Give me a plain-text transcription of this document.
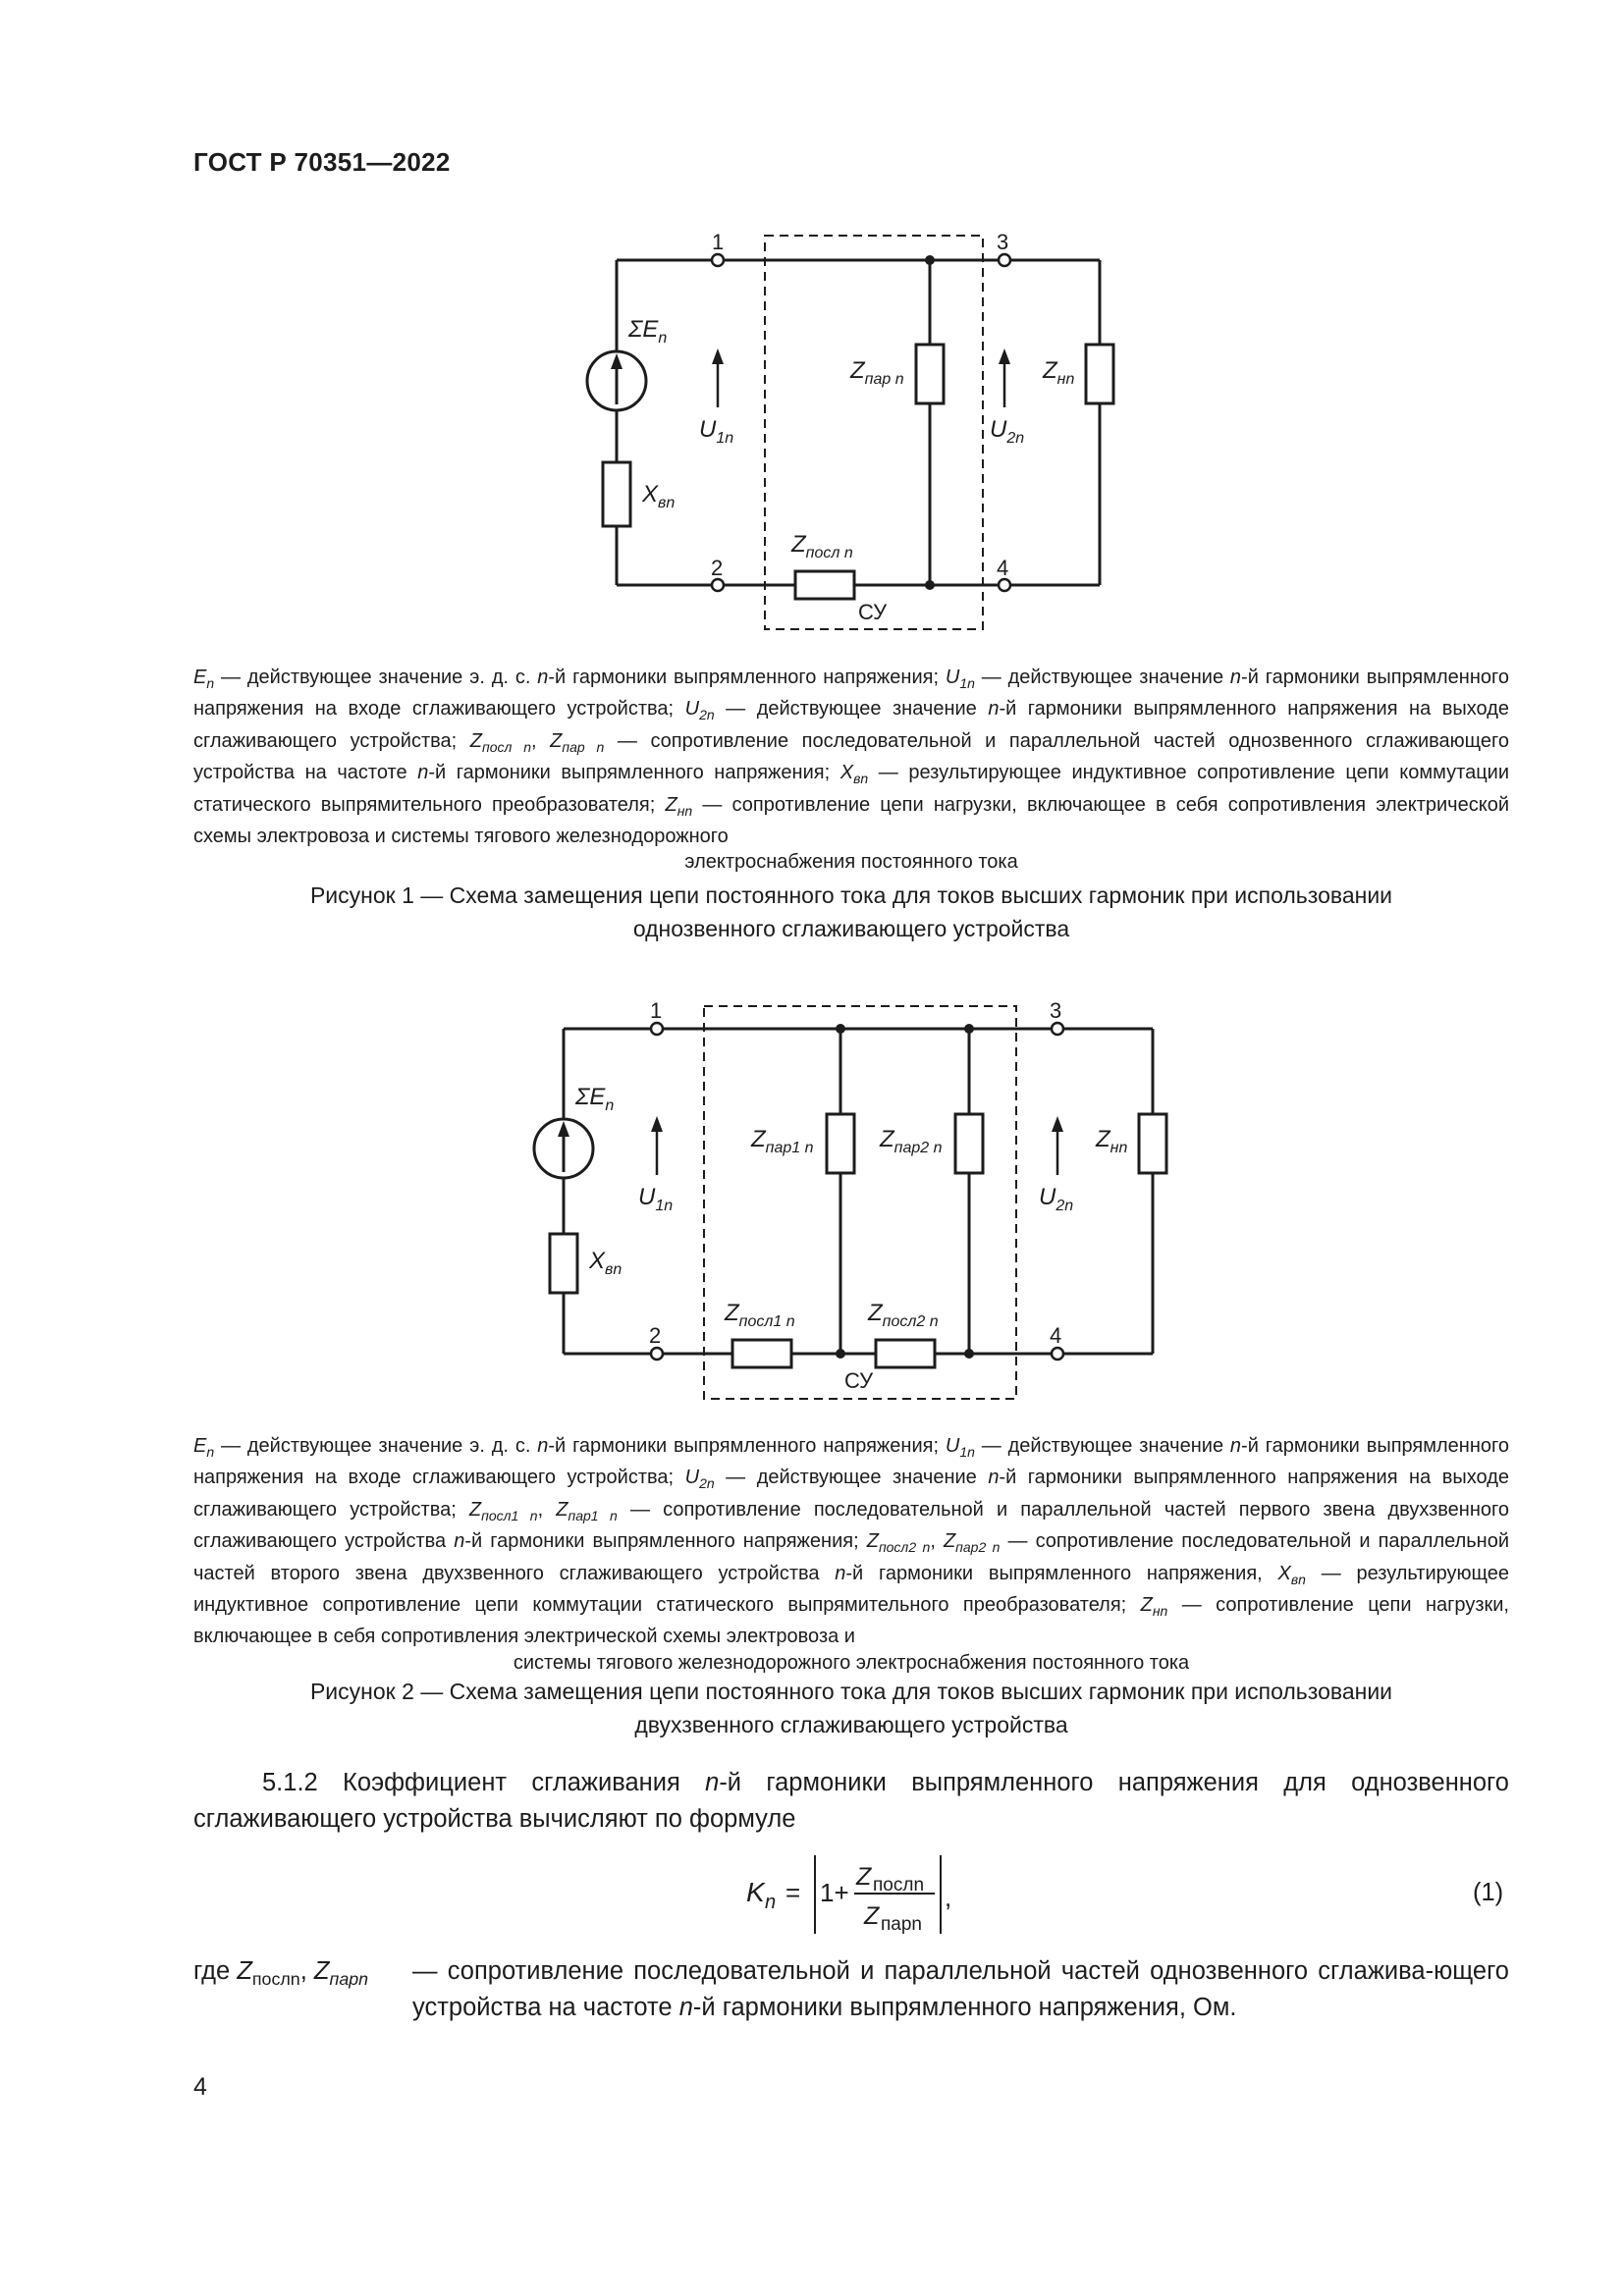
ГОСТ Р 70351—2022
1
2
3
4
$\Sigma E_n$
$U_{1n}$	$U_{2n}$
$X_{вn}$
$Z_{пар n}$	$Z_{нn}$
$Z_{посл n}$
СУ
$E_n$ — действующее значение э. д. с. n-й гармоники выпрямленного напряжения; $U_{1n}$ — действующее значение n-й гармоники выпрямленного напряжения на входе сглаживающего устройства; $U_{2n}$ — действующее значение n-й гармоники выпрямленного напряжения на выходе сглаживающего устройства; $Z_{посл n}$, $Z_{пар n}$ — сопротивление последовательной и параллельной частей однозвенного сглаживающего устройства на частоте n-й гармоники выпрямленного напряжения; $X_{вn}$ — результирующее индуктивное сопротивление цепи коммутации статического выпрямительного преобразователя; $Z_{нn}$ — сопротивление цепи нагрузки, включающее в себя сопротивления электрической схемы электровоза и системы тягового железнодорожного
электроснабжения постоянного тока
Рисунок 1 — Схема замещения цепи постоянного тока для токов высших гармоник при использовании
однозвенного сглаживающего устройства
1
2
3
4
$\Sigma E_n$
$U_{1n}$	$U_{2n}$
$X_{вn}$
$Z_{пар1 n}$	$Z_{пар2 n}$	$Z_{нn}$
$Z_{посл1 n}$	$Z_{посл2 n}$
СУ
$E_n$ — действующее значение э. д. с. n-й гармоники выпрямленного напряжения; $U_{1n}$ — действующее значение n-й гармоники выпрямленного напряжения на входе сглаживающего устройства; $U_{2n}$ — действующее значение n-й гармоники выпрямленного напряжения на выходе сглаживающего устройства; $Z_{посл1 n}$, $Z_{пар1 n}$ — сопротивление последовательной и параллельной частей первого звена двухзвенного сглаживающего устройства n-й гармоники выпрямленного напряжения; $Z_{посл2 n}$, $Z_{пар2 n}$ — сопротивление последовательной и параллельной частей второго звена двухзвенного сглаживающего устройства n-й гармоники выпрямленного напряжения, $X_{вn}$ — результирующее индуктивное сопротивление цепи коммутации статического выпрямительного преобразователя; $Z_{нn}$ — сопротивление цепи нагрузки, включающее в себя сопротивления электрической схемы электровоза и
системы тягового железнодорожного электроснабжения постоянного тока
Рисунок 2 — Схема замещения цепи постоянного тока для токов высших гармоник при использовании
двухзвенного сглаживающего устройства
5.1.2 Коэффициент сглаживания n-й гармоники выпрямленного напряжения для однозвенного сглаживающего устройства вычисляют по формуле
K n = 1+
Z послn
Z парn
,	(1)
где $Z_{послn}$, $Z_{парn}$ — сопротивление последовательной и параллельной частей однозвенного сглажива-ющего устройства на частоте n-й гармоники выпрямленного напряжения, Ом.
4
